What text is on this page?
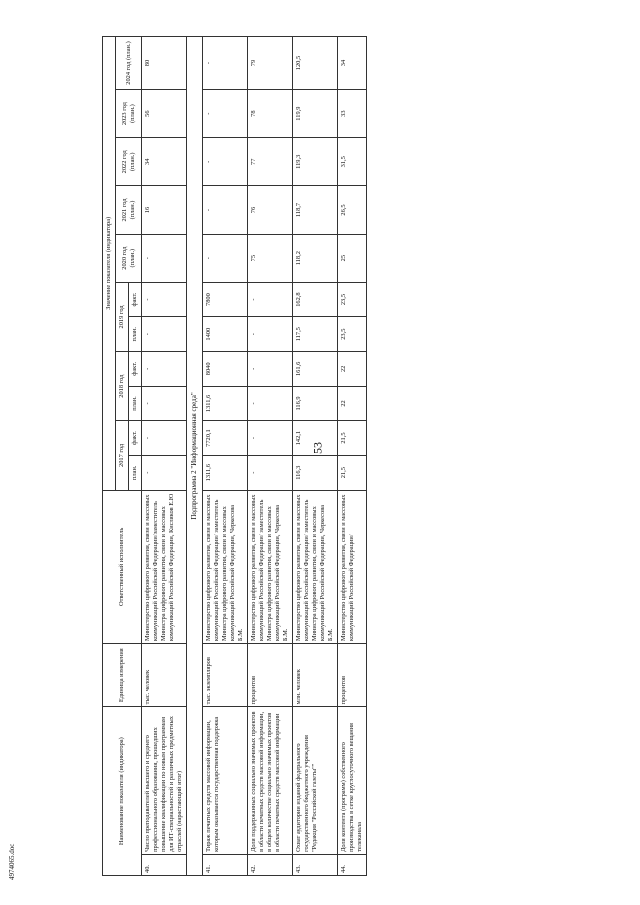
53
4974065.doc
Наименование показателя (индикатора)		Единица измерения	Ответственный исполнитель	Значение показателя (индикатора)										
				2017 год		2018 год		2019 год		2020 год (план.)	2021 год (план.)	2022 год (план.)	2023 год (план.)	2024 год (план.)
				план.	факт.	план.	факт.	план.	факт.					
40.	Число преподавателей высшего и среднего профессионального образования, прошедших повышение квалификации по новым программам для ИТ-специальностей и различных предметных отраслей (нарастающий итог)	тыс. человек	Министерство цифрового развития, связи и массовых коммуникаций Российской Федерации/заместитель Министра цифрового развития, связи и массовых коммуникаций Российской Федерации, Кисляков Е.Ю	-	-	-	-	-	-	-	16	34	56	80
Подпрограмма 2 "Информационная среда"														
41.	Тираж печатных средств массовой информации, которым оказывается государственная поддержка	тыс. экземпляров	Министерство цифрового развития, связи и массовых коммуникаций Российской Федерации/ заместитель Министра цифрового развития, связи и массовых коммуникаций Российской Федерации, Черкесова Б.М.	1311,6	7720,1	1311,6	8040	1400	7800	-	-	-	-	-
42.	Доля поддержанных социально значимых проектов в области печатных средств массовой информации, в общем количестве социально значимых проектов в области печатных средств массовой информации	процентов	Министерство цифрового развития, связи и массовых коммуникаций Российской Федерации/ заместитель Министра цифрового развития, связи и массовых коммуникаций Российской Федерации, Черкесова Б.М.	-	-	-	-	-	-	75	76	77	78	79
43.	Охват аудитории изданий федерального государственного бюджетного учреждения "Редакция "Российской газеты""	млн. человек	Министерство цифрового развития, связи и массовых коммуникаций Российской Федерации/ заместитель Министра цифрового развития, связи и массовых коммуникаций Российской Федерации, Черкесова Б.М.	116,3	142,1	116,9	161,6	117,5	162,8	118,2	118,7	119,3	119,9	120,5
44.	Доля контента (программ) собственного производства в сетке круглосуточного вещания телеканала	процентов	Министерство цифрового развития, связи и массовых коммуникаций Российской Федерации/	21,5	21,5	22	22	23,5	23,5	25	26,5	31,5	33	34
